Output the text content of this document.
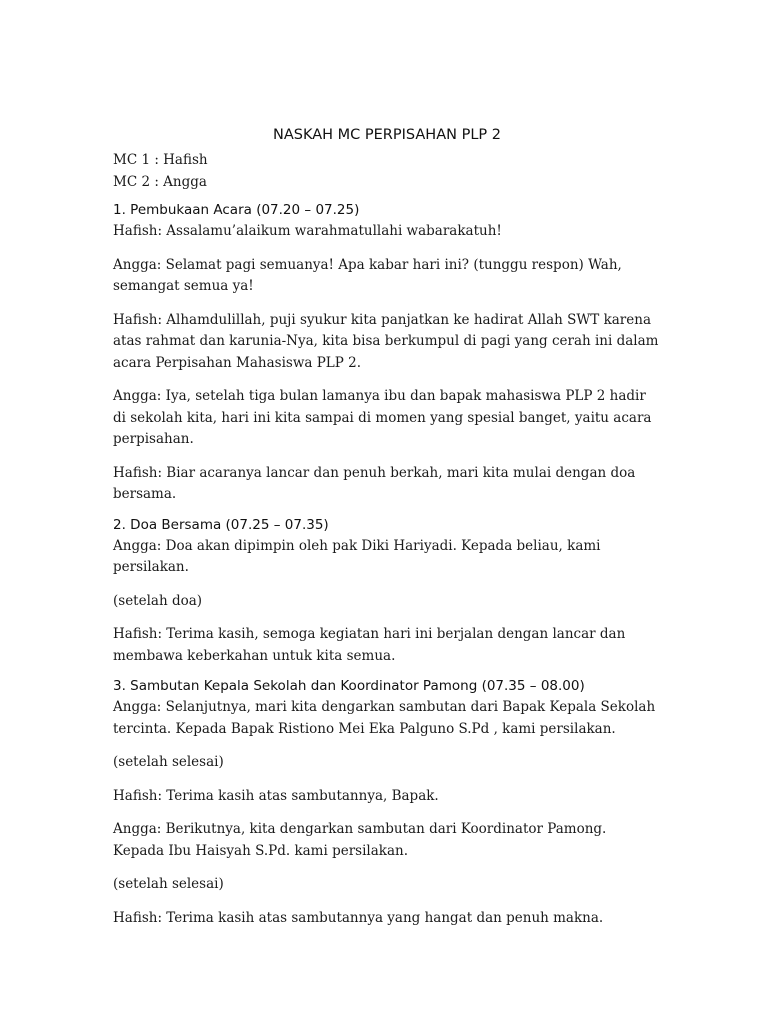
NASKAH MC PERPISAHAN PLP 2
MC 1 : Hafish
MC 2 : Angga
1. Pembukaan Acara (07.20 – 07.25)
Hafish: Assalamu’alaikum warahmatullahi wabarakatuh!
Angga: Selamat pagi semuanya! Apa kabar hari ini? (tunggu respon) Wah, semangat semua ya!
Hafish: Alhamdulillah, puji syukur kita panjatkan ke hadirat Allah SWT karena atas rahmat dan karunia-Nya, kita bisa berkumpul di pagi yang cerah ini dalam acara Perpisahan Mahasiswa PLP 2.
Angga: Iya, setelah tiga bulan lamanya ibu dan bapak mahasiswa PLP 2 hadir di sekolah kita, hari ini kita sampai di momen yang spesial banget, yaitu acara perpisahan.
Hafish: Biar acaranya lancar dan penuh berkah, mari kita mulai dengan doa bersama.
2. Doa Bersama (07.25 – 07.35)
Angga: Doa akan dipimpin oleh pak Diki Hariyadi. Kepada beliau, kami persilakan.
(setelah doa)
Hafish: Terima kasih, semoga kegiatan hari ini berjalan dengan lancar dan membawa keberkahan untuk kita semua.
3. Sambutan Kepala Sekolah dan Koordinator Pamong (07.35 – 08.00)
Angga: Selanjutnya, mari kita dengarkan sambutan dari Bapak Kepala Sekolah tercinta. Kepada Bapak Ristiono Mei Eka Palguno S.Pd , kami persilakan.
(setelah selesai)
Hafish: Terima kasih atas sambutannya, Bapak.
Angga: Berikutnya, kita dengarkan sambutan dari Koordinator Pamong. Kepada Ibu Haisyah S.Pd. kami persilakan.
(setelah selesai)
Hafish: Terima kasih atas sambutannya yang hangat dan penuh makna.
